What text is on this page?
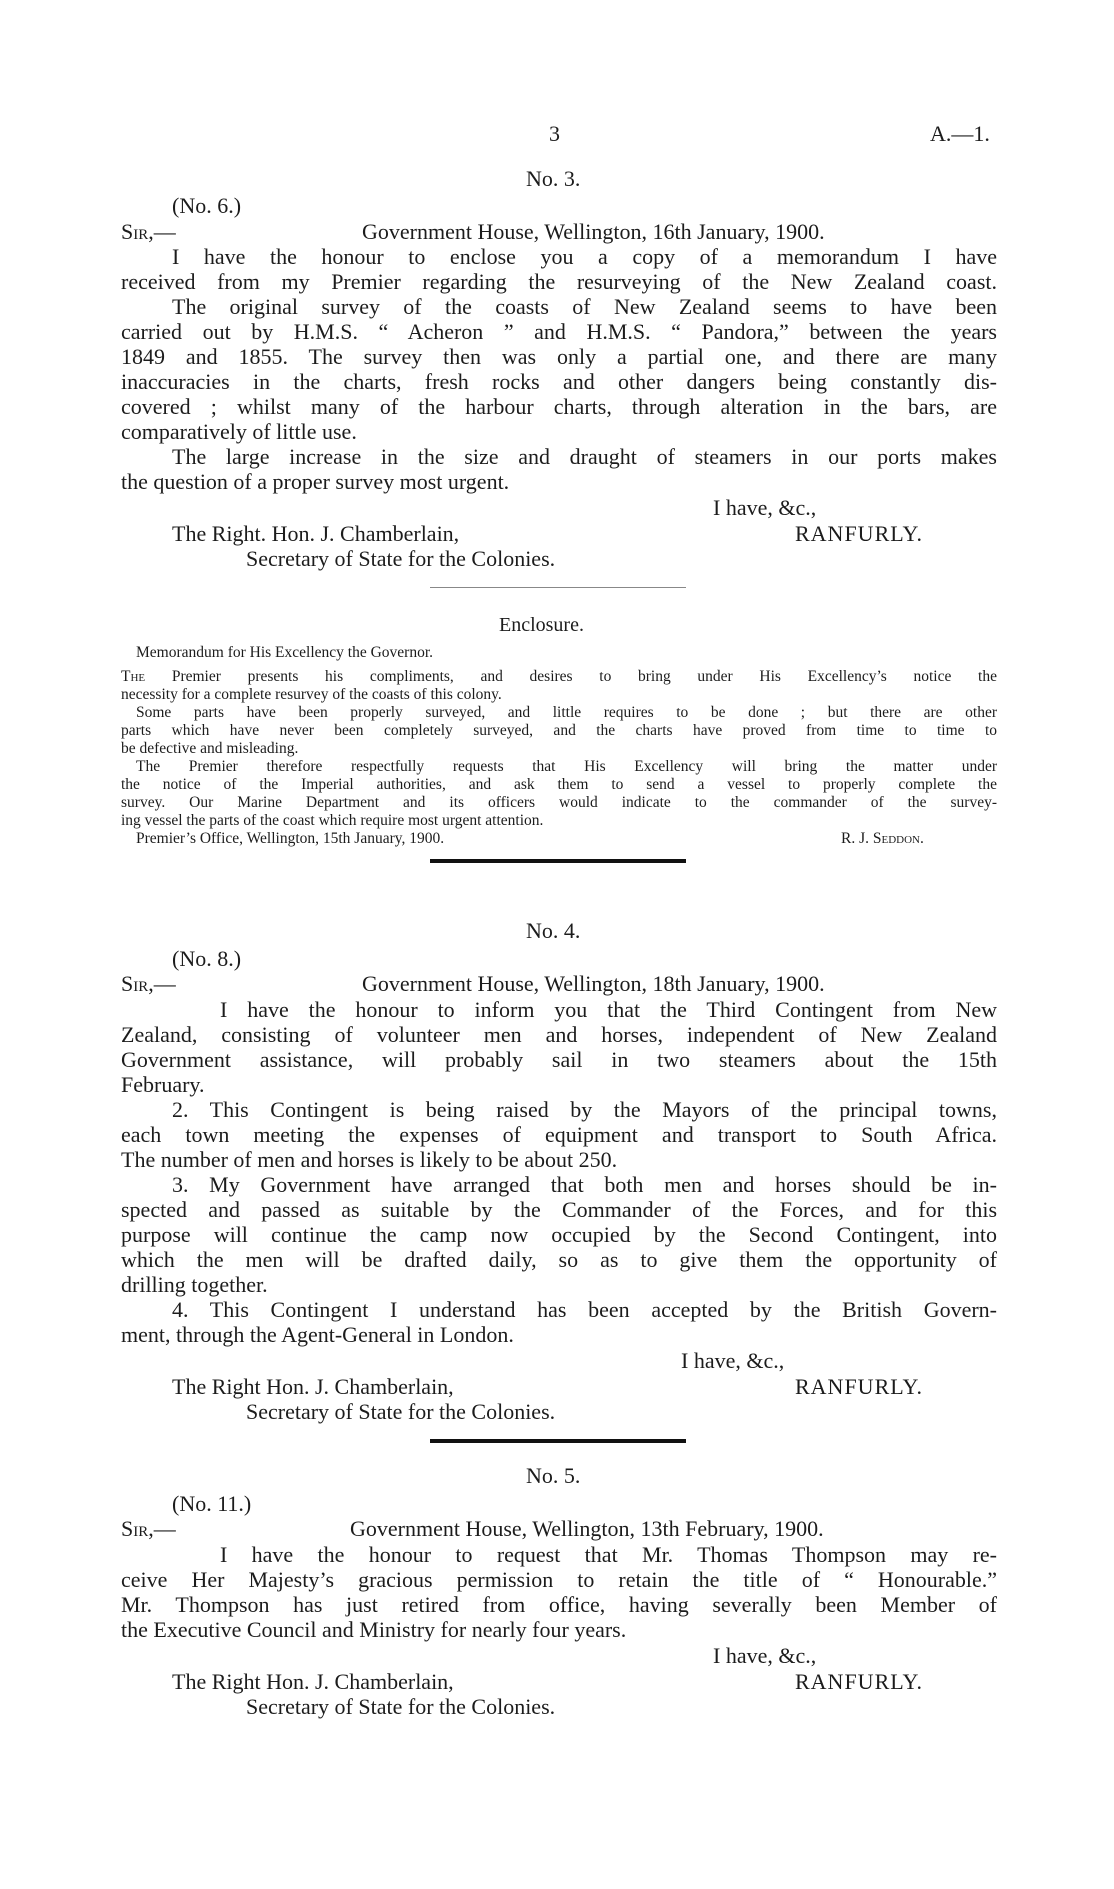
3	A.—1.
No. 3.
(No. 6.)
Sir,—	Government House, Wellington, 16th January, 1900.
I have the honour to enclose you a copy of a memorandum I have
received from my Premier regarding the resurveying of the New Zealand coast.
The original survey of the coasts of New Zealand seems to have been
carried out by H.M.S. “ Acheron ” and H.M.S. “ Pandora,” between the years
1849 and 1855. The survey then was only a partial one, and there are many
inaccuracies in the charts, fresh rocks and other dangers being constantly dis-
covered ; whilst many of the harbour charts, through alteration in the bars, are
comparatively of little use.
The large increase in the size and draught of steamers in our ports makes
the question of a proper survey most urgent.
I have, &c.,
The Right. Hon. J. Chamberlain,	RANFURLY.
Secretary of State for the Colonies.
Enclosure.
Memorandum for His Excellency the Governor.
The Premier presents his compliments, and desires to bring under His Excellency’s notice the
necessity for a complete resurvey of the coasts of this colony.
Some parts have been properly surveyed, and little requires to be done ; but there are other
parts which have never been completely surveyed, and the charts have proved from time to time to
be defective and misleading.
The Premier therefore respectfully requests that His Excellency will bring the matter under
the notice of the Imperial authorities, and ask them to send a vessel to properly complete the
survey. Our Marine Department and its officers would indicate to the commander of the survey-
ing vessel the parts of the coast which require most urgent attention.
Premier’s Office, Wellington, 15th January, 1900.	R. J. Seddon.
No. 4.
(No. 8.)
Sir,—	Government House, Wellington, 18th January, 1900.
I have the honour to inform you that the Third Contingent from New
Zealand, consisting of volunteer men and horses, independent of New Zealand
Government assistance, will probably sail in two steamers about the 15th
February.
2. This Contingent is being raised by the Mayors of the principal towns,
each town meeting the expenses of equipment and transport to South Africa.
The number of men and horses is likely to be about 250.
3. My Government have arranged that both men and horses should be in-
spected and passed as suitable by the Commander of the Forces, and for this
purpose will continue the camp now occupied by the Second Contingent, into
which the men will be drafted daily, so as to give them the opportunity of
drilling together.
4. This Contingent I understand has been accepted by the British Govern-
ment, through the Agent-General in London.
I have, &c.,
The Right Hon. J. Chamberlain,	RANFURLY.
Secretary of State for the Colonies.
No. 5.
(No. 11.)
Sir,—	Government House, Wellington, 13th February, 1900.
I have the honour to request that Mr. Thomas Thompson may re-
ceive Her Majesty’s gracious permission to retain the title of “ Honourable.”
Mr. Thompson has just retired from office, having severally been Member of
the Executive Council and Ministry for nearly four years.
I have, &c.,
The Right Hon. J. Chamberlain,	RANFURLY.
Secretary of State for the Colonies.
